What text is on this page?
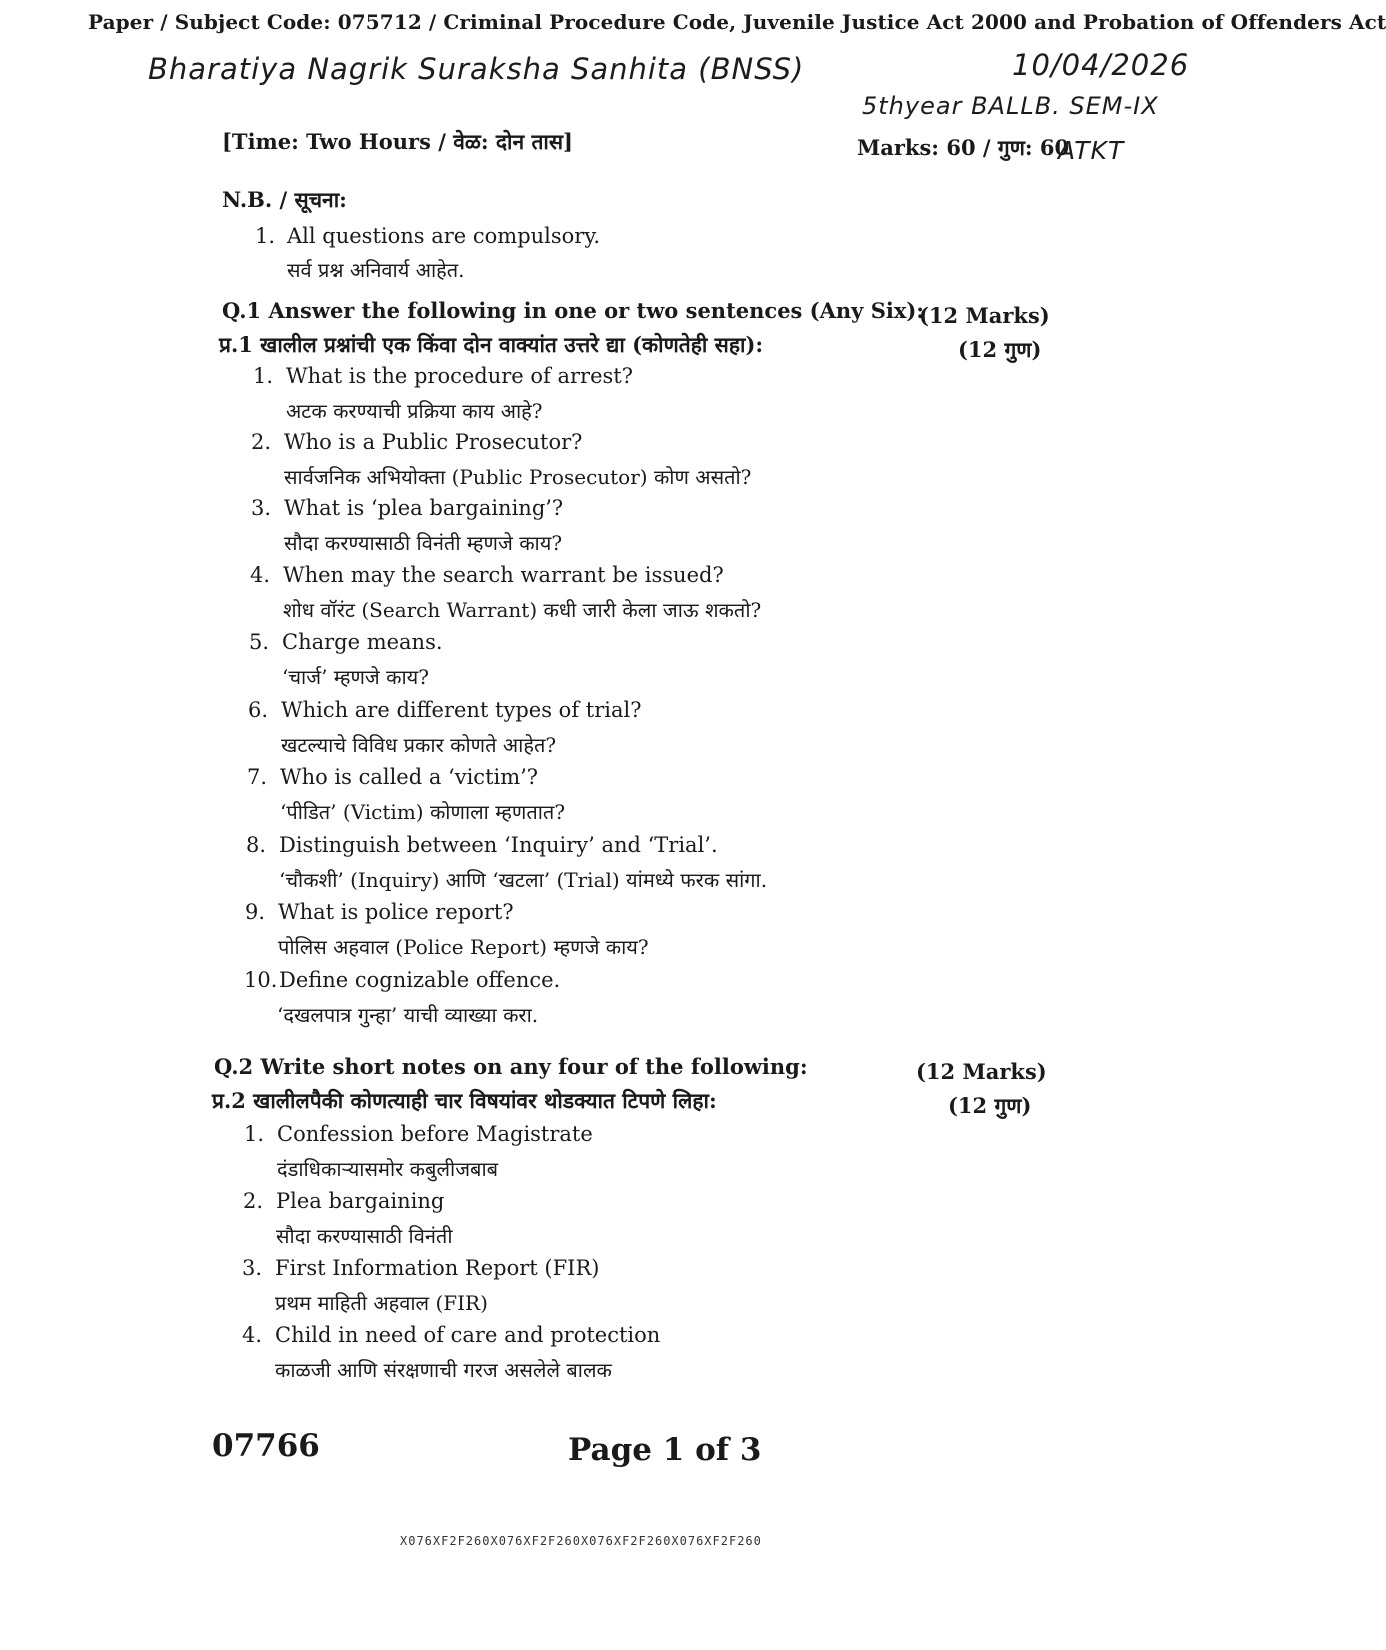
Paper / Subject Code: 075712 / Criminal Procedure Code, Juvenile Justice Act 2000 and Probation of Offenders Act
Bharatiya Nagrik Suraksha Sanhita (BNSS)	10/04/2026
5thyear BALLB. SEM-IX
ATKT
[Time: Two Hours / वेळ: दोन तास]	Marks: 60 / गुण: 60
N.B. / सूचना:
1. All questions are compulsory.
सर्व प्रश्न अनिवार्य आहेत.
Q.1 Answer the following in one or two sentences (Any Six):
(12 Marks)
प्र.1 खालील प्रश्नांची एक किंवा दोन वाक्यांत उत्तरे द्या (कोणतेही सहा):	(12 गुण)
1. What is the procedure of arrest?
अटक करण्याची प्रक्रिया काय आहे?
2. Who is a Public Prosecutor?
सार्वजनिक अभियोक्ता (Public Prosecutor) कोण असतो?
3. What is ‘plea bargaining’?
सौदा करण्यासाठी विनंती म्हणजे काय?
4. When may the search warrant be issued?
शोध वॉरंट (Search Warrant) कधी जारी केला जाऊ शकतो?
5. Charge means.
‘चार्ज’ म्हणजे काय?
6. Which are different types of trial?
खटल्याचे विविध प्रकार कोणते आहेत?
7. Who is called a ‘victim’?
‘पीडित’ (Victim) कोणाला म्हणतात?
8. Distinguish between ‘Inquiry’ and ‘Trial’.
‘चौकशी’ (Inquiry) आणि ‘खटला’ (Trial) यांमध्ये फरक सांगा.
9. What is police report?
पोलिस अहवाल (Police Report) म्हणजे काय?
10. Define cognizable offence.
‘दखलपात्र गुन्हा’ याची व्याख्या करा.
Q.2 Write short notes on any four of the following:	(12 Marks)
प्र.2 खालीलपैकी कोणत्याही चार विषयांवर थोडक्यात टिपणे लिहा:	(12 गुण)
1. Confession before Magistrate
दंडाधिकाऱ्यासमोर कबुलीजबाब
2. Plea bargaining
सौदा करण्यासाठी विनंती
3. First Information Report (FIR)
प्रथम माहिती अहवाल (FIR)
4. Child in need of care and protection
काळजी आणि संरक्षणाची गरज असलेले बालक
07766	Page 1 of 3
X076XF2F260X076XF2F260X076XF2F260X076XF2F260
